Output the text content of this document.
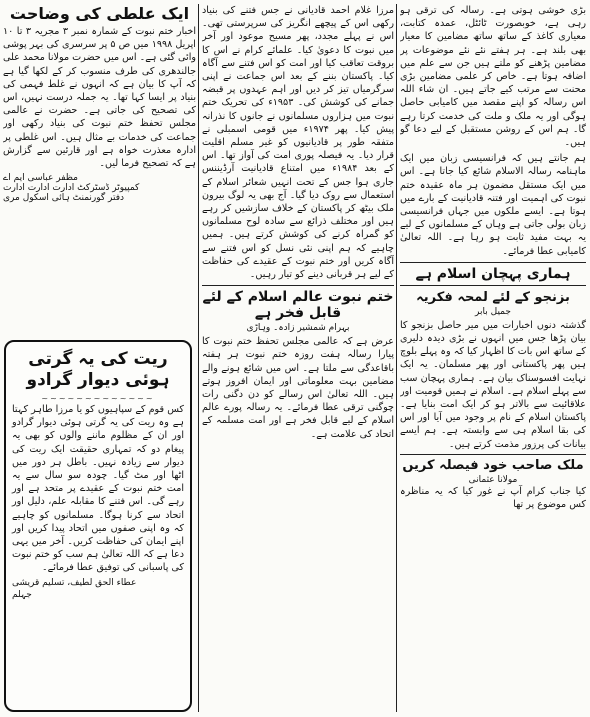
ایک علطی کی وضاحت

اخبار ختم نبوت کے شمارہ نمبر ۳ مجریہ ۳ تا ۱۰ اپریل ۱۹۹۸ میں ص ۵ پر سرسری کی بہر پوشی وائی گئی ہے۔ اس میں حضرت مولانا محمد علی جالندھری کی طرف منسوب کر کے لکھا گیا ہے کہ آپ کا بیان ہے کہ انہوں نے غلط فہمی کی بنیاد پر ایسا کہا تھا۔ یہ جملہ درست نہیں، اس کی تصحیح کی جاتی ہے۔ حضرت نے عالمی مجلس تحفظ ختم نبوت کی بنیاد رکھی اور جماعت کی خدمات بے مثال ہیں۔ اس غلطی پر ادارہ معذرت خواہ ہے اور قارئین سے گزارش ہے کہ تصحیح فرما لیں۔

مظفر عباسی ایم اے
کمپیوٹر ڈسٹرکٹ ادارت ادارت ادارت
دفتر گورنمنٹ ہائی اسکول مری
ریت کی یہ گرتی ہوئی دیوار گرادو
~~~~~~~~~~~~~

کس قوم کے سپاہیوں کو یا مرزا طاہر کہتا ہے وہ ریت کی یہ گرتی ہوئی دیوار گرادو اور ان کے مظلوم ماننے والوں کو بھی یہ پیغام دو کہ تمہاری حقیقت ایک ریت کی دیوار سے زیادہ نہیں۔ باطل ہر دور میں اٹھا اور مٹ گیا۔ چودہ سو سال سے یہ امت ختم نبوت کے عقیدے پر متحد ہے اور رہے گی۔ اس فتنے کا مقابلہ علم، دلیل اور اتحاد سے کرنا ہوگا۔ مسلمانوں کو چاہیے کہ وہ اپنی صفوں میں اتحاد پیدا کریں اور اپنے ایمان کی حفاظت کریں۔ آخر میں یہی دعا ہے کہ اللہ تعالیٰ ہم سب کو ختم نبوت کی پاسبانی کی توفیق عطا فرمائے۔

عطاء الحق لطیف، تسلیم قریشی
جہلم

مرزا غلام احمد قادیانی نے جس فتنے کی بنیاد رکھی اس کے پیچھے انگریز کی سرپرستی تھی۔ اس نے پہلے مجدد، پھر مسیح موعود اور آخر میں نبوت کا دعویٰ کیا۔ علمائے کرام نے اس کا بروقت تعاقب کیا اور امت کو اس فتنے سے آگاہ کیا۔ پاکستان بننے کے بعد اس جماعت نے اپنی سرگرمیاں تیز کر دیں اور اہم عہدوں پر قبضہ جمانے کی کوشش کی۔ ۱۹۵۳ء کی تحریک ختم نبوت میں ہزاروں مسلمانوں نے جانوں کا نذرانہ پیش کیا۔ پھر ۱۹۷۴ء میں قومی اسمبلی نے متفقہ طور پر قادیانیوں کو غیر مسلم اقلیت قرار دیا۔ یہ فیصلہ پوری امت کی آواز تھا۔ اس کے بعد ۱۹۸۴ء میں امتناع قادیانیت آرڈیننس جاری ہوا جس کے تحت انہیں شعائر اسلام کے استعمال سے روک دیا گیا۔ آج بھی یہ لوگ بیرون ملک بیٹھ کر پاکستان کے خلاف سازشیں کر رہے ہیں اور مختلف ذرائع سے سادہ لوح مسلمانوں کو گمراہ کرنے کی کوشش کرتے ہیں۔ ہمیں چاہیے کہ ہم اپنی نئی نسل کو اس فتنے سے آگاہ کریں اور ختم نبوت کے عقیدے کی حفاظت کے لیے ہر قربانی دینے کو تیار رہیں۔

ختم نبوت عالم اسلام کے لئے قابل فخر ہے
بہرام شمشیر زادہ۔ وہاڑی

عرض ہے کہ عالمی مجلس تحفظ ختم نبوت کا پیارا رسالہ ہفت روزہ ختم نبوت ہر ہفتہ باقاعدگی سے ملتا ہے۔ اس میں شائع ہونے والے مضامین بہت معلوماتی اور ایمان افروز ہوتے ہیں۔ اللہ تعالیٰ اس رسالے کو دن دگنی رات چوگنی ترقی عطا فرمائے۔ یہ رسالہ پورے عالم اسلام کے لیے قابل فخر ہے اور امت مسلمہ کے اتحاد کی علامت ہے۔

بڑی خوشی ہوتی ہے۔ رسالہ کی ترقی ہو رہی ہے، خوبصورت ٹائٹل، عمدہ کتابت، معیاری کاغذ کے ساتھ ساتھ مضامین کا معیار بھی بلند ہے۔ ہر ہفتے نئے نئے موضوعات پر مضامین پڑھنے کو ملتے ہیں جن سے علم میں اضافہ ہوتا ہے۔ خاص کر علمی مضامین بڑی محنت سے مرتب کیے جاتے ہیں۔ ان شاء اللہ اس رسالہ کو اپنے مقصد میں کامیابی حاصل ہوگی اور یہ ملک و ملت کی خدمت کرتا رہے گا۔ ہم اس کے روشن مستقبل کے لیے دعا گو ہیں۔

ہم جانتے ہیں کہ فرانسیسی زبان میں ایک ماہنامہ رسالہ الاسلام شائع کیا جاتا ہے۔ اس میں ایک مستقل مضمون ہر ماہ عقیدہ ختم نبوت کی اہمیت اور فتنہ قادیانیت کے بارے میں ہوتا ہے۔ ایسے ملکوں میں جہاں فرانسیسی زبان بولی جاتی ہے وہاں کے مسلمانوں کے لیے یہ بہت مفید ثابت ہو رہا ہے۔ اللہ تعالیٰ کامیابی عطا فرمائے۔

ہماری پہچان اسلام ہے
بزنجو کے لئے لمحہ فکریہ
جمیل بابر

گذشتہ دنوں اخبارات میں میر حاصل بزنجو کا بیان پڑھا جس میں انہوں نے بڑی دیدہ دلیری کے ساتھ اس بات کا اظہار کیا کہ وہ پہلے بلوچ ہیں پھر پاکستانی اور پھر مسلمان۔ یہ ایک نہایت افسوسناک بیان ہے۔ ہماری پہچان سب سے پہلے اسلام ہے۔ اسلام نے ہمیں قومیت اور علاقائیت سے بالاتر ہو کر ایک امت بنایا ہے۔ پاکستان اسلام کے نام پر وجود میں آیا اور اس کی بقا اسلام ہی سے وابستہ ہے۔ ہم ایسے بیانات کی پرزور مذمت کرتے ہیں۔

ملک صاحب خود فیصلہ کریں
مولانا عثمانی

کیا جناب کرام آپ نے غور کیا کہ یہ مناظرہ کس موضوع پر تھا
